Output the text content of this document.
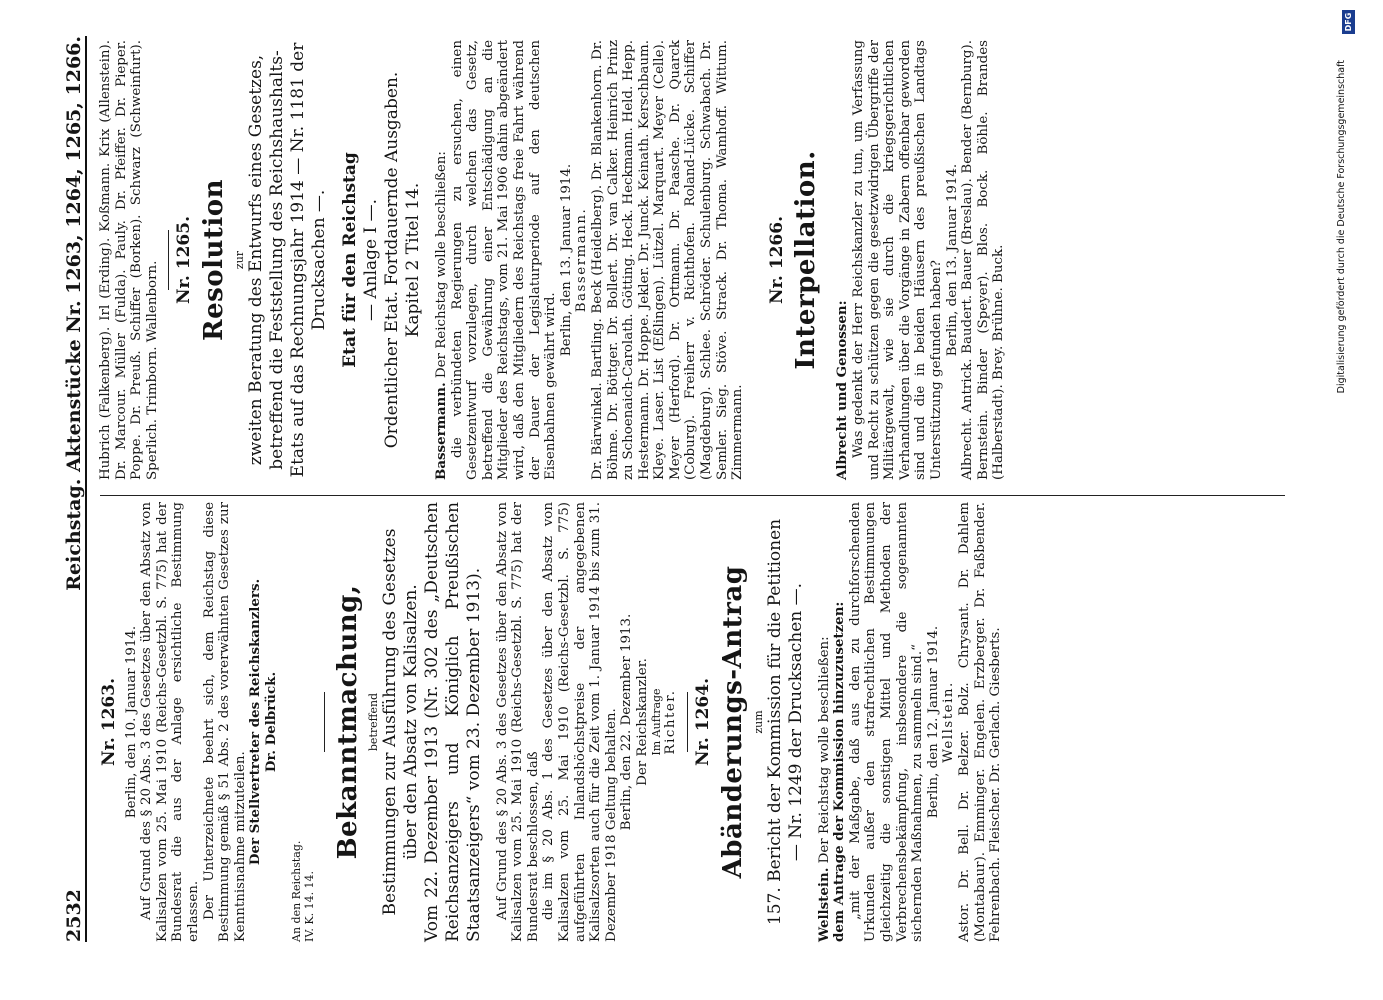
2532
Reichstag. Aktenstücke Nr. 1263, 1264, 1265, 1266.
Nr. 1263. Berlin, den 10. Januar 1914. Auf Grund des § 20 Abs. 3 des Gesetzes über den Absatz von Kalisalzen vom 25. Mai 1910 (Reichs-Gesetzbl. S. 775) hat der Bundesrat die aus der Anlage ersichtliche Bestimmung erlassen. Der Unterzeichnete beehrt sich, dem Reichstag diese Bestimmung gemäß § 51 Abs. 2 des vorerwähnten Gesetzes zur Kenntnisnahme mitzuteilen. Der Stellvertreter des Reichskanzlers. Dr. Delbrück.

An den Reichstag. IV. K. 14. 14.

Bekanntmachung, betreffend Bestimmungen zur Ausführung des Gesetzes über den Absatz von Kalisalzen. Vom 22. Dezember 1913 (Nr. 302 des „Deutschen Reichsanzeigers und Königlich Preußischen Staatsanzeigers“ vom 23. Dezember 1913). Auf Grund des § 20 Abs. 3 des Gesetzes über den Absatz von Kalisalzen vom 25. Mai 1910 (Reichs-Gesetzbl. S. 775) hat der Bundesrat beschlossen, daß die im § 20 Abs. 1 des Gesetzes über den Absatz von Kalisalzen vom 25. Mai 1910 (Reichs-Gesetzbl. S. 775) aufgeführten Inlandshöchstpreise der angegebenen Kalisalzsorten auch für die Zeit vom 1. Januar 1914 bis zum 31. Dezember 1918 Geltung behalten. Berlin, den 22. Dezember 1913. Der Reichskanzler. Im Auftrage Richter. Nr. 1264. Abänderungs-Antrag zum 157. Bericht der Kommission für die Petitionen — Nr. 1249 der Drucksachen —.

Wellstein. Der Reichstag wolle beschließen: dem Antrage der Kommission hinzuzusetzen: „mit der Maßgabe, daß aus den zu durchforschenden Urkunden außer den strafrechtlichen Bestimmungen gleichzeitig die sonstigen Mittel und Methoden der Verbrechensbekämpfung, insbesondere die sogenannten sichernden Maßnahmen, zu sammeln sind.“ Berlin, den 12. Januar 1914. Wellstein. Astor. Dr. Bell. Dr. Belzer. Bolz. Chrysant. Dr. Dahlem (Montabaur). Emminger. Engelen. Erzberger. Dr. Faßbender. Fehrenbach. Fleischer. Dr. Gerlach. Giesberts.

Hubrich (Falkenberg). Irl (Erding). Koßmann. Krix (Allenstein). Dr. Marcour. Müller (Fulda). Pauly. Dr. Pfeiffer. Dr. Pieper. Poppe. Dr. Preuß. Schiffer (Borken). Schwarz (Schweinfurt). Sperlich. Trimborn. Wallenborn.

Nr. 1265. Resolution zur zweiten Beratung des Entwurfs eines Gesetzes, betreffend die Feststellung des Reichshaushalts-Etats auf das Rechnungsjahr 1914 — Nr. 1181 der Drucksachen —. Etat für den Reichstag — Anlage I —. Ordentlicher Etat. Fortdauernde Ausgaben. Kapitel 2 Titel 14.

Bassermann. Der Reichstag wolle beschließen: die verbündeten Regierungen zu ersuchen, einen Gesetzentwurf vorzulegen, durch welchen das Gesetz, betreffend die Gewährung einer Entschädigung an die Mitglieder des Reichstags, vom 21. Mai 1906 dahin abgeändert wird, daß den Mitgliedern des Reichstags freie Fahrt während der Dauer der Legislaturperiode auf den deutschen Eisenbahnen gewährt wird.

Berlin, den 13. Januar 1914. Bassermann. Dr. Bärwinkel. Bartling. Beck (Heidelberg). Dr. Blankenhorn. Dr. Böhme. Dr. Böttger. Dr. Bollert. Dr. van Calker. Heinrich Prinz zu Schoenaich-Carolath. Götting. Heck. Heckmann. Held. Hepp. Hestermann. Dr. Hoppe. Jekler. Dr. Junck. Keinath. Kerschbaum. Kleye. Laser. List (Eßlingen). Lützel. Marquart. Meyer (Celle). Meyer (Herford). Dr. Ortmann. Dr. Paasche. Dr. Quarck (Coburg). Freiherr v. Richthofen. Roland-Lücke. Schiffer (Magdeburg). Schlee. Schröder. Schulenburg. Schwabach. Dr. Semler. Sieg. Stöve. Strack. Dr. Thoma. Wamhoff. Wittum. Zimmermann.

Nr. 1266. Interpellation.

Albrecht und Genossen: Was gedenkt der Herr Reichskanzler zu tun, um Verfassung und Recht zu schützen gegen die gesetzwidrigen Übergriffe der Militärgewalt, wie sie durch die kriegsgerichtlichen Verhandlungen über die Vorgänge in Zabern offenbar geworden sind und die in beiden Häusern des preußischen Landtags Unterstützung gefunden haben? Berlin, den 13. Januar 1914. Albrecht. Antrick. Baudert. Bauer (Breslau). Bender (Bernburg). Bernstein. Binder (Speyer). Blos. Bock. Böhle. Brandes (Halberstadt). Brey. Brühne. Buck.	Digitalisierung gefördert durch die Deutsche Forschungsgemeinschaft
DFG
